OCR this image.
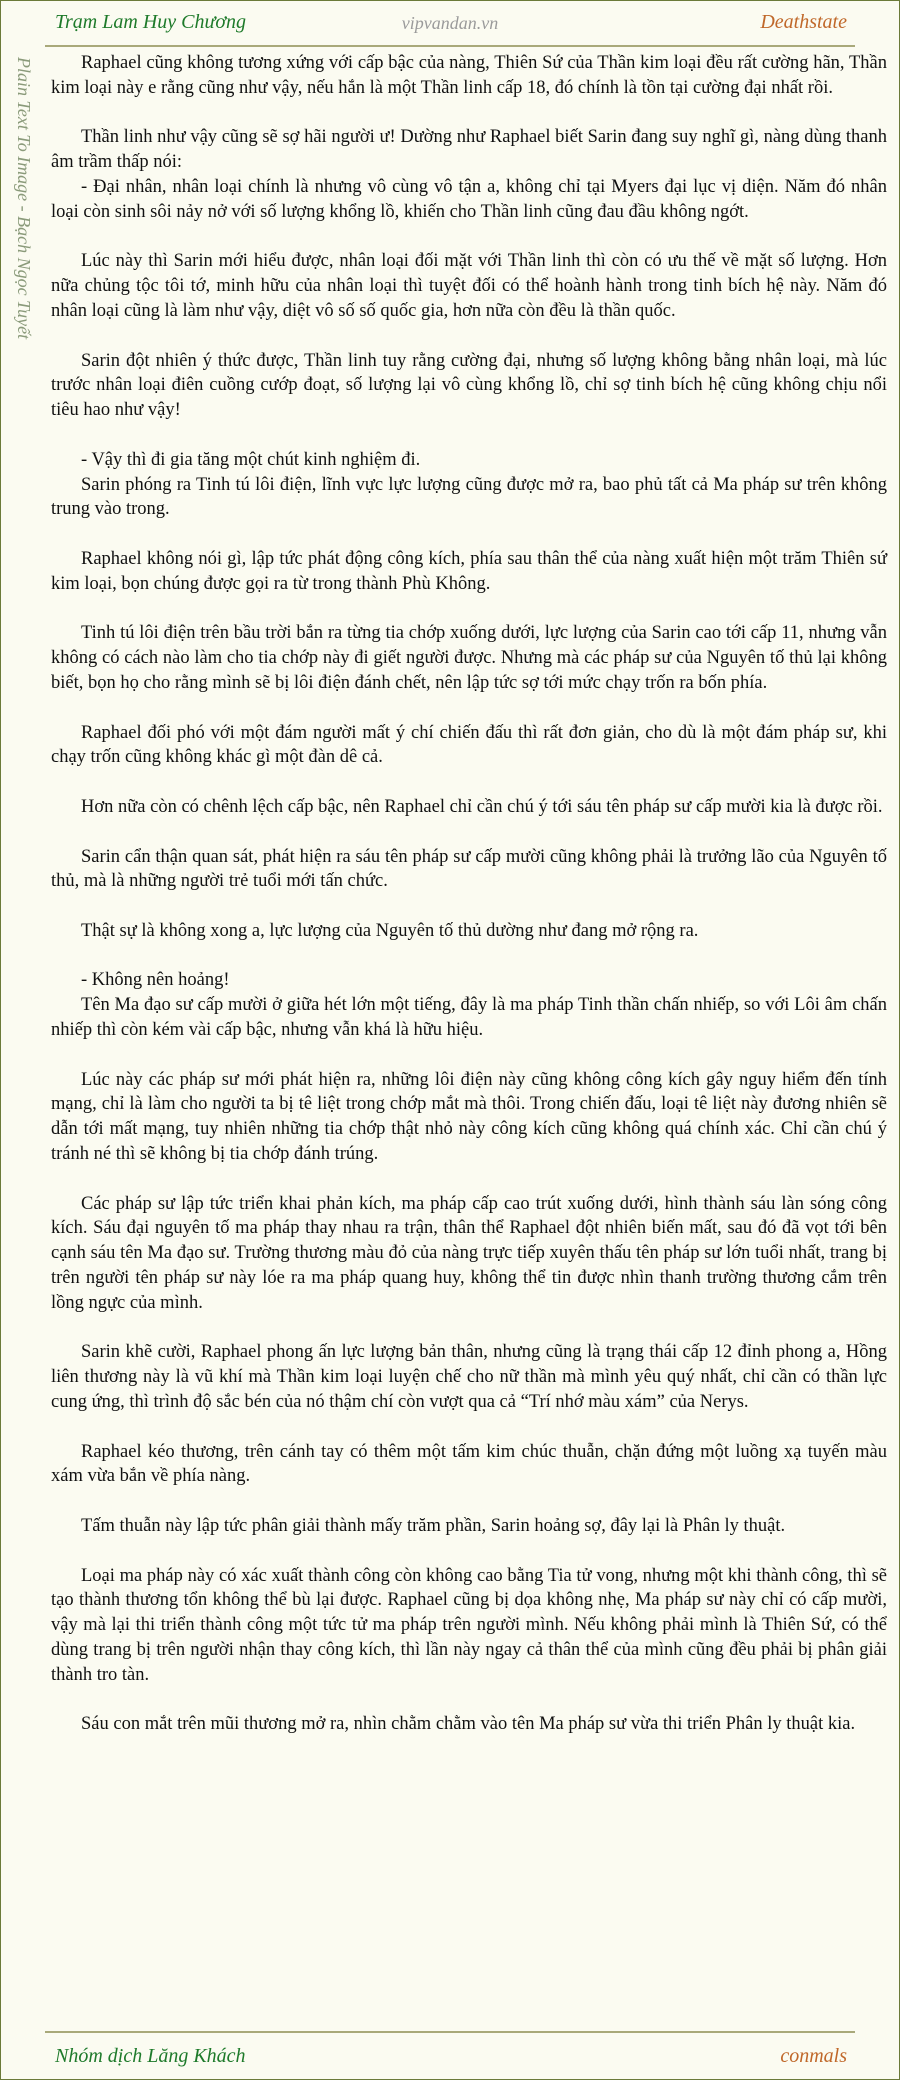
Trạm Lam Huy Chương	vipvandan.vn	Deathstate
Plain Text To Image - Bạch Ngọc Tuyết	Raphael cũng không tương xứng với cấp bậc của nàng, Thiên Sứ của Thần kim loại đều rất cường hãn, Thần kim loại này e rằng cũng như vậy, nếu hắn là một Thần linh cấp 18, đó chính là tồn tại cường đại nhất rồi.

Thần linh như vậy cũng sẽ sợ hãi người ư! Dường như Raphael biết Sarin đang suy nghĩ gì, nàng dùng thanh âm trầm thấp nói:
- Đại nhân, nhân loại chính là nhưng vô cùng vô tận a, không chỉ tại Myers đại lục vị diện. Năm đó nhân loại còn sinh sôi nảy nở với số lượng khổng lồ, khiến cho Thần linh cũng đau đầu không ngớt.

Lúc này thì Sarin mới hiểu được, nhân loại đối mặt với Thần linh thì còn có ưu thế về mặt số lượng. Hơn nữa chủng tộc tôi tớ, minh hữu của nhân loại thì tuyệt đối có thể hoành hành trong tinh bích hệ này. Năm đó nhân loại cũng là làm như vậy, diệt vô số số quốc gia, hơn nữa còn đều là thần quốc.

Sarin đột nhiên ý thức được, Thần linh tuy rằng cường đại, nhưng số lượng không bằng nhân loại, mà lúc trước nhân loại điên cuồng cướp đoạt, số lượng lại vô cùng khổng lồ, chỉ sợ tinh bích hệ cũng không chịu nổi tiêu hao như vậy!

- Vậy thì đi gia tăng một chút kinh nghiệm đi.
Sarin phóng ra Tinh tú lôi điện, lĩnh vực lực lượng cũng được mở ra, bao phủ tất cả Ma pháp sư trên không trung vào trong.

Raphael không nói gì, lập tức phát động công kích, phía sau thân thể của nàng xuất hiện một trăm Thiên sứ kim loại, bọn chúng được gọi ra từ trong thành Phù Không.

Tinh tú lôi điện trên bầu trời bắn ra từng tia chớp xuống dưới, lực lượng của Sarin cao tới cấp 11, nhưng vẫn không có cách nào làm cho tia chớp này đi giết người được. Nhưng mà các pháp sư của Nguyên tố thủ lại không biết, bọn họ cho rằng mình sẽ bị lôi điện đánh chết, nên lập tức sợ tới mức chạy trốn ra bốn phía.

Raphael đối phó với một đám người mất ý chí chiến đấu thì rất đơn giản, cho dù là một đám pháp sư, khi chạy trốn cũng không khác gì một đàn dê cả.

Hơn nữa còn có chênh lệch cấp bậc, nên Raphael chỉ cần chú ý tới sáu tên pháp sư cấp mười kia là được rồi.

Sarin cẩn thận quan sát, phát hiện ra sáu tên pháp sư cấp mười cũng không phải là trưởng lão của Nguyên tố thủ, mà là những người trẻ tuổi mới tấn chức.

Thật sự là không xong a, lực lượng của Nguyên tố thủ dường như đang mở rộng ra.

- Không nên hoảng!
Tên Ma đạo sư cấp mười ở giữa hét lớn một tiếng, đây là ma pháp Tinh thần chấn nhiếp, so với Lôi âm chấn nhiếp thì còn kém vài cấp bậc, nhưng vẫn khá là hữu hiệu.

Lúc này các pháp sư mới phát hiện ra, những lôi điện này cũng không công kích gây nguy hiểm đến tính mạng, chỉ là làm cho người ta bị tê liệt trong chớp mắt mà thôi. Trong chiến đấu, loại tê liệt này đương nhiên sẽ dẫn tới mất mạng, tuy nhiên những tia chớp thật nhỏ này công kích cũng không quá chính xác. Chỉ cần chú ý tránh né thì sẽ không bị tia chớp đánh trúng.

Các pháp sư lập tức triển khai phản kích, ma pháp cấp cao trút xuống dưới, hình thành sáu làn sóng công kích. Sáu đại nguyên tố ma pháp thay nhau ra trận, thân thể Raphael đột nhiên biến mất, sau đó đã vọt tới bên cạnh sáu tên Ma đạo sư. Trường thương màu đỏ của nàng trực tiếp xuyên thấu tên pháp sư lớn tuổi nhất, trang bị trên người tên pháp sư này lóe ra ma pháp quang huy, không thể tin được nhìn thanh trường thương cắm trên lồng ngực của mình.

Sarin khẽ cười, Raphael phong ấn lực lượng bản thân, nhưng cũng là trạng thái cấp 12 đỉnh phong a, Hồng liên thương này là vũ khí mà Thần kim loại luyện chế cho nữ thần mà mình yêu quý nhất, chỉ cần có thần lực cung ứng, thì trình độ sắc bén của nó thậm chí còn vượt qua cả “Trí nhớ màu xám” của Nerys.

Raphael kéo thương, trên cánh tay có thêm một tấm kim chúc thuẫn, chặn đứng một luồng xạ tuyến màu xám vừa bắn về phía nàng.

Tấm thuẫn này lập tức phân giải thành mấy trăm phần, Sarin hoảng sợ, đây lại là Phân ly thuật.

Loại ma pháp này có xác xuất thành công còn không cao bằng Tia tử vong, nhưng một khi thành công, thì sẽ tạo thành thương tổn không thể bù lại được. Raphael cũng bị dọa không nhẹ, Ma pháp sư này chỉ có cấp mười, vậy mà lại thi triển thành công một tức tử ma pháp trên người mình. Nếu không phải mình là Thiên Sứ, có thể dùng trang bị trên người nhận thay công kích, thì lần này ngay cả thân thể của mình cũng đều phải bị phân giải thành tro tàn.

Sáu con mắt trên mũi thương mở ra, nhìn chằm chằm vào tên Ma pháp sư vừa thi triển Phân ly thuật kia.

Nhóm dịch Lăng Khách	conmals
